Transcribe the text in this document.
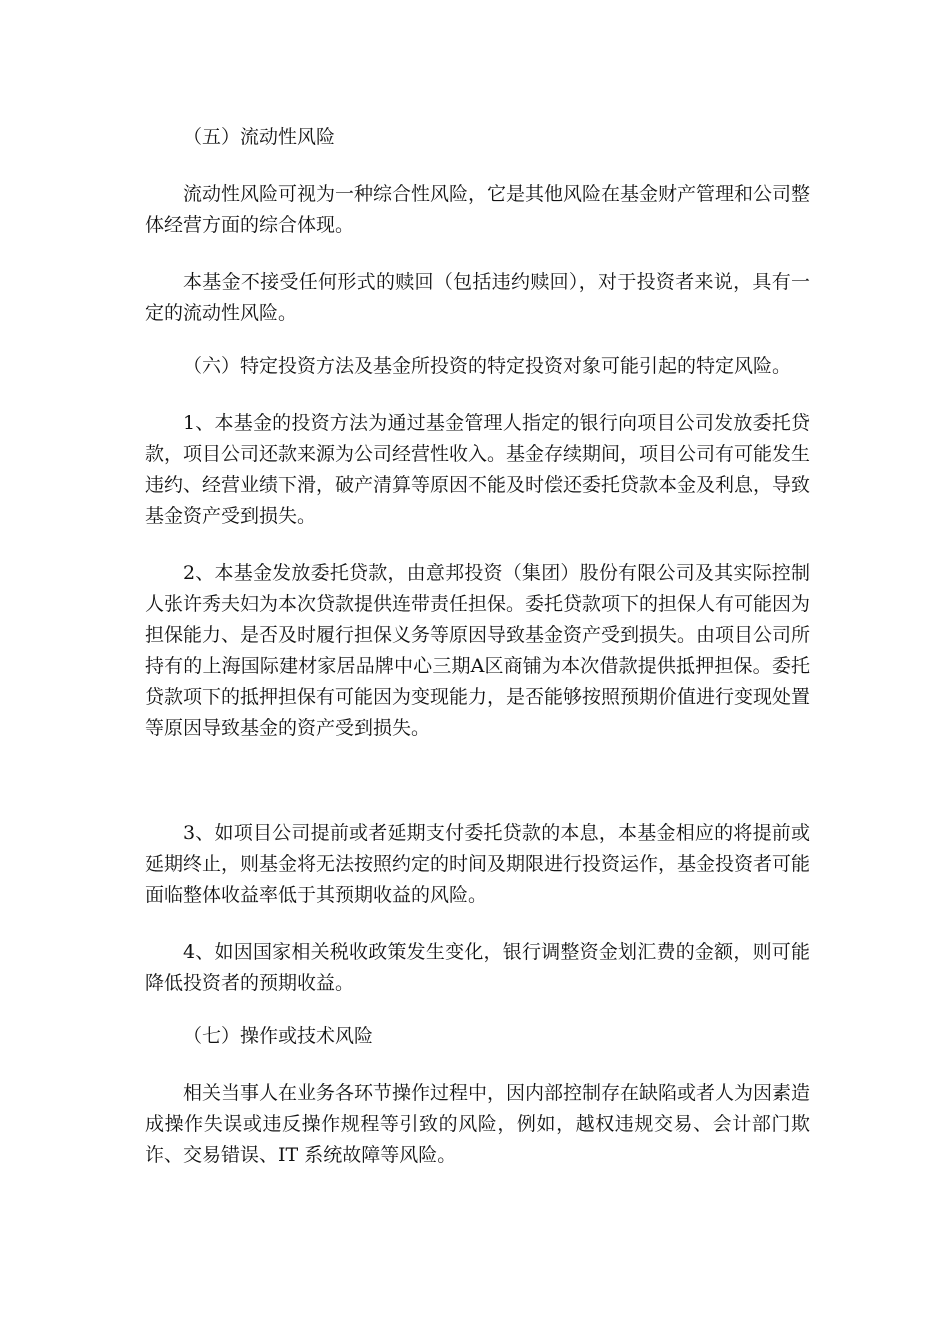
（五）流动性风险

流动性风险可视为一种综合性风险，它是其他风险在基金财产管理和公司整体经营方面的综合体现。

本基金不接受任何形式的赎回（包括违约赎回），对于投资者来说，具有一定的流动性风险。

（六）特定投资方法及基金所投资的特定投资对象可能引起的特定风险。

1、本基金的投资方法为通过基金管理人指定的银行向项目公司发放委托贷款，项目公司还款来源为公司经营性收入。基金存续期间，项目公司有可能发生违约、经营业绩下滑，破产清算等原因不能及时偿还委托贷款本金及利息，导致基金资产受到损失。

2、本基金发放委托贷款，由意邦投资（集团）股份有限公司及其实际控制人张许秀夫妇为本次贷款提供连带责任担保。委托贷款项下的担保人有可能因为担保能力、是否及时履行担保义务等原因导致基金资产受到损失。由项目公司所持有的上海国际建材家居品牌中心三期A区商铺为本次借款提供抵押担保。委托贷款项下的抵押担保有可能因为变现能力，是否能够按照预期价值进行变现处置等原因导致基金的资产受到损失。

3、如项目公司提前或者延期支付委托贷款的本息，本基金相应的将提前或延期终止，则基金将无法按照约定的时间及期限进行投资运作，基金投资者可能面临整体收益率低于其预期收益的风险。

4、如因国家相关税收政策发生变化，银行调整资金划汇费的金额，则可能降低投资者的预期收益。

（七）操作或技术风险

相关当事人在业务各环节操作过程中，因内部控制存在缺陷或者人为因素造成操作失误或违反操作规程等引致的风险，例如，越权违规交易、会计部门欺诈、交易错误、IT 系统故障等风险。
